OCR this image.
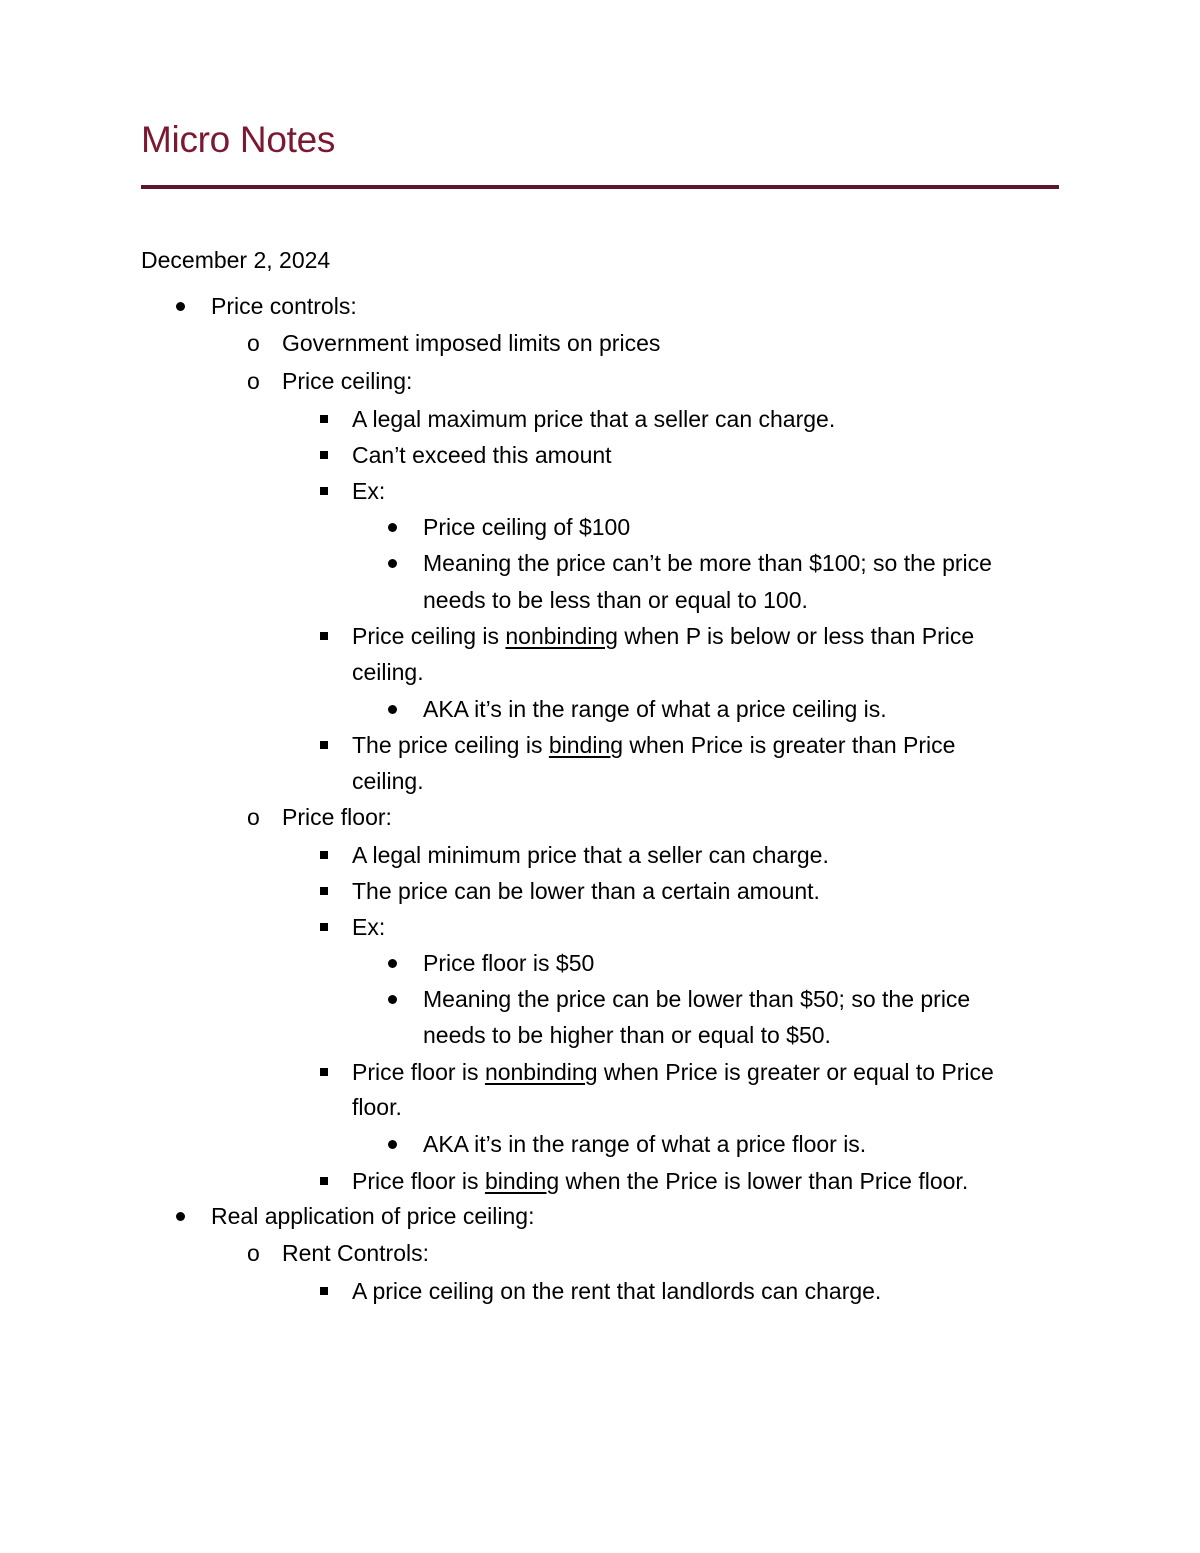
Micro Notes
December 2, 2024
Price controls:
o Government imposed limits on prices
o Price ceiling:
A legal maximum price that a seller can charge.
Can’t exceed this amount
Ex:
Price ceiling of $100
Meaning the price can’t be more than $100; so the price
needs to be less than or equal to 100.
Price ceiling is nonbinding when P is below or less than Price
ceiling.
AKA it’s in the range of what a price ceiling is.
The price ceiling is binding when Price is greater than Price
ceiling.
o Price floor:
A legal minimum price that a seller can charge.
The price can be lower than a certain amount.
Ex:
Price floor is $50
Meaning the price can be lower than $50; so the price
needs to be higher than or equal to $50.
Price floor is nonbinding when Price is greater or equal to Price
floor.
AKA it’s in the range of what a price floor is.
Price floor is binding when the Price is lower than Price floor.
Real application of price ceiling:
o Rent Controls:
A price ceiling on the rent that landlords can charge.
